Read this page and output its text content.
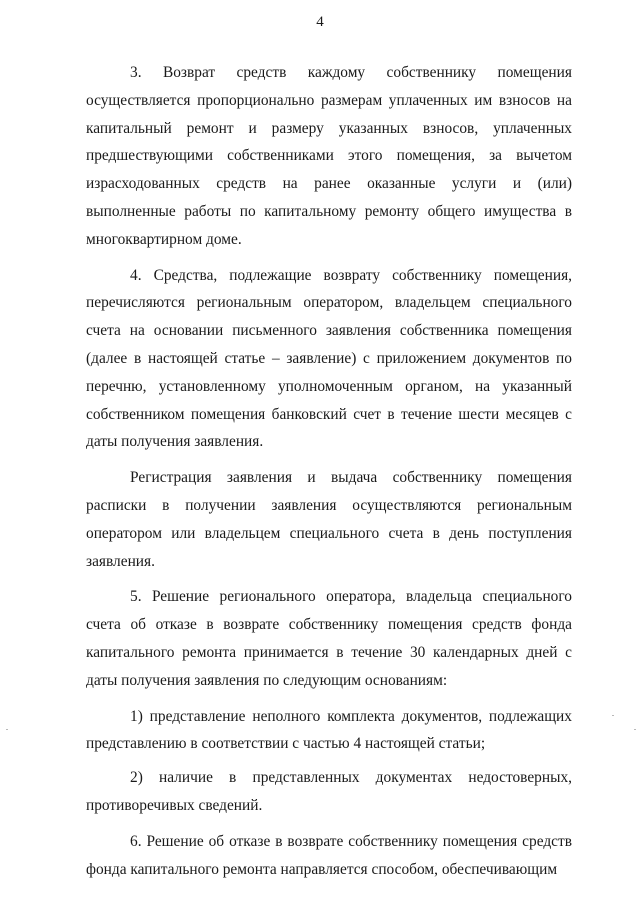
4

3. Возврат средств каждому собственнику помещения осуществляется пропорционально размерам уплаченных им взносов на капитальный ремонт и размеру указанных взносов, уплаченных предшествующими собственниками этого помещения, за вычетом израсходованных средств на ранее оказанные услуги и (или) выполненные работы по капитальному ремонту общего имущества в многоквартирном доме.

4. Средства, подлежащие возврату собственнику помещения, перечисляются региональным оператором, владельцем специального счета на основании письменного заявления собственника помещения (далее в настоящей статье – заявление) с приложением документов по перечню, установленному уполномоченным органом, на указанный собственником помещения банковский счет в течение шести месяцев с даты получения заявления.

Регистрация заявления и выдача собственнику помещения расписки в получении заявления осуществляются региональным оператором или владельцем специального счета в день поступления заявления.

5. Решение регионального оператора, владельца специального счета об отказе в возврате собственнику помещения средств фонда капитального ремонта принимается в течение 30 календарных дней с даты получения заявления по следующим основаниям:

1) представление неполного комплекта документов, подлежащих представлению в соответствии с частью 4 настоящей статьи;

2) наличие в представленных документах недостоверных, противоречивых сведений.

6. Решение об отказе в возврате собственнику помещения средств фонда капитального ремонта направляется способом, обеспечивающим
